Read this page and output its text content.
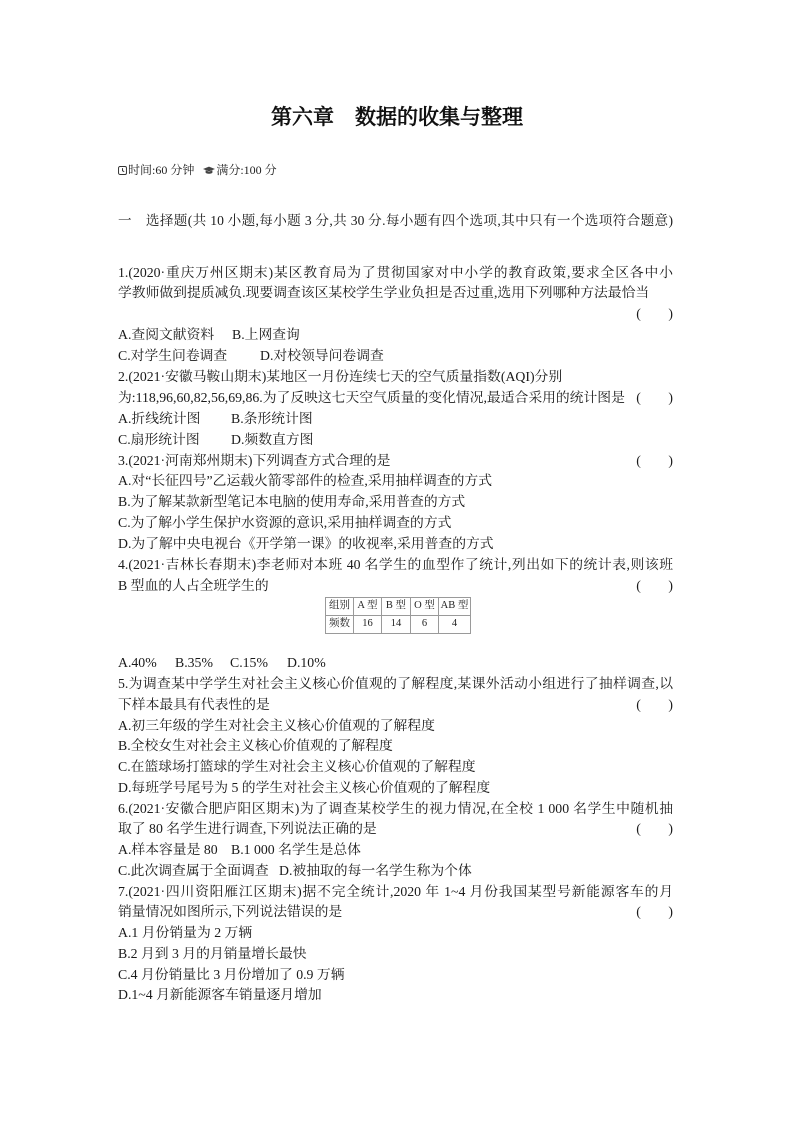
第六章　数据的收集与整理
时间:60 分钟 满分:100 分
一　选择题(共 10 小题,每小题 3 分,共 30 分.每小题有四个选项,其中只有一个选项符合题意)
1.(2020·重庆万州区期末)某区教育局为了贯彻国家对中小学的教育政策,要求全区各中小
学教师做到提质减负.现要调查该区某校学生学业负担是否过重,选用下列哪种方法最恰当
(　　)
A.查阅文献资料 B.上网查询
C.对学生问卷调查 D.对校领导问卷调查
2.(2021·安徽马鞍山期末)某地区一月份连续七天的空气质量指数(AQI)分别
为:118,96,60,82,56,69,86.为了反映这七天空气质量的变化情况,最适合采用的统计图是 (　　)
A.折线统计图 B.条形统计图
C.扇形统计图 D.频数直方图
3.(2021·河南郑州期末)下列调查方式合理的是	(　　)
A.对“长征四号”乙运载火箭零部件的检查,采用抽样调查的方式
B.为了解某款新型笔记本电脑的使用寿命,采用普查的方式
C.为了解小学生保护水资源的意识,采用抽样调查的方式
D.为了解中央电视台《开学第一课》的收视率,采用普查的方式
4.(2021·吉林长春期末)李老师对本班 40 名学生的血型作了统计,列出如下的统计表,则该班
B 型血的人占全班学生的	(　　)
组别	A 型	B 型	O 型	AB 型
频数	16	14	6	4
A.40% B.35% C.15% D.10%
5.为调查某中学学生对社会主义核心价值观的了解程度,某课外活动小组进行了抽样调查,以
下样本最具有代表性的是	(　　)
A.初三年级的学生对社会主义核心价值观的了解程度
B.全校女生对社会主义核心价值观的了解程度
C.在篮球场打篮球的学生对社会主义核心价值观的了解程度
D.每班学号尾号为 5 的学生对社会主义核心价值观的了解程度
6.(2021·安徽合肥庐阳区期末)为了调查某校学生的视力情况,在全校 1 000 名学生中随机抽
取了 80 名学生进行调查,下列说法正确的是	(　　)
A.样本容量是 80 B.1 000 名学生是总体
C.此次调查属于全面调查 D.被抽取的每一名学生称为个体
7.(2021·四川资阳雁江区期末)据不完全统计,2020 年 1~4 月份我国某型号新能源客车的月
销量情况如图所示,下列说法错误的是	(　　)
A.1 月份销量为 2 万辆
B.2 月到 3 月的月销量增长最快
C.4 月份销量比 3 月份增加了 0.9 万辆
D.1~4 月新能源客车销量逐月增加
